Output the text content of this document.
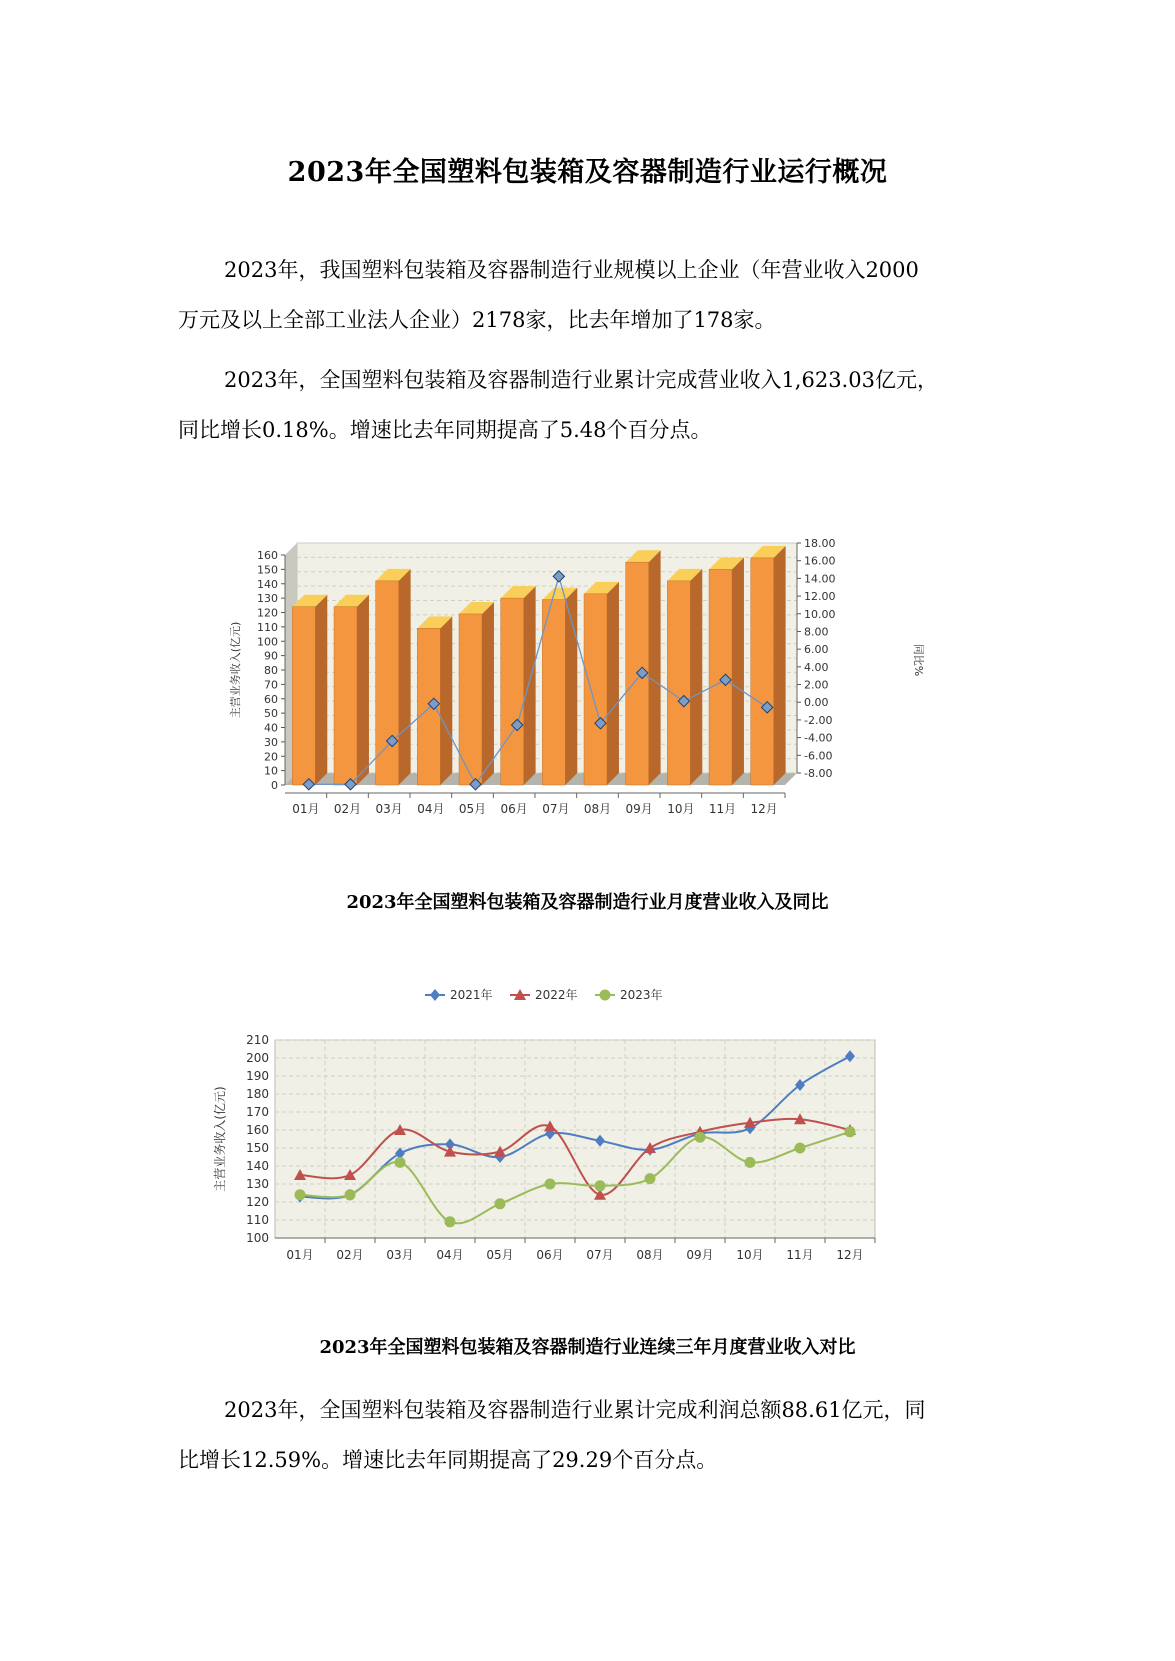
2023年全国塑料包装箱及容器制造行业运行概况
2023年，我国塑料包装箱及容器制造行业规模以上企业（年营业收入2000
万元及以上全部工业法人企业）2178家，比去年增加了178家。
2023年，全国塑料包装箱及容器制造行业累计完成营业收入1,623.03亿元，
同比增长0.18%。增速比去年同期提高了5.48个百分点。
0
10
20
30
40
50
60
70
80
90
100
110
120
130
140
150
160
-8.00
-6.00
-4.00
-2.00
0.00
2.00
4.00
6.00
8.00
10.00
12.00
14.00
16.00
18.00
01月 02月 03月 04月 05月 06月 07月 08月 09月 10月 11月 12月
主营业务收入(亿元)	同比%
2023年全国塑料包装箱及容器制造行业月度营业收入及同比
100
110
120
130
140
150
160
170
180
190
200
210
01月 02月 03月 04月 05月 06月 07月 08月 09月 10月 11月 12月
2021年	2022年	2023年
主营业务收入(亿元)
2023年全国塑料包装箱及容器制造行业连续三年月度营业收入对比
2023年，全国塑料包装箱及容器制造行业累计完成利润总额88.61亿元，同
比增长12.59%。增速比去年同期提高了29.29个百分点。
